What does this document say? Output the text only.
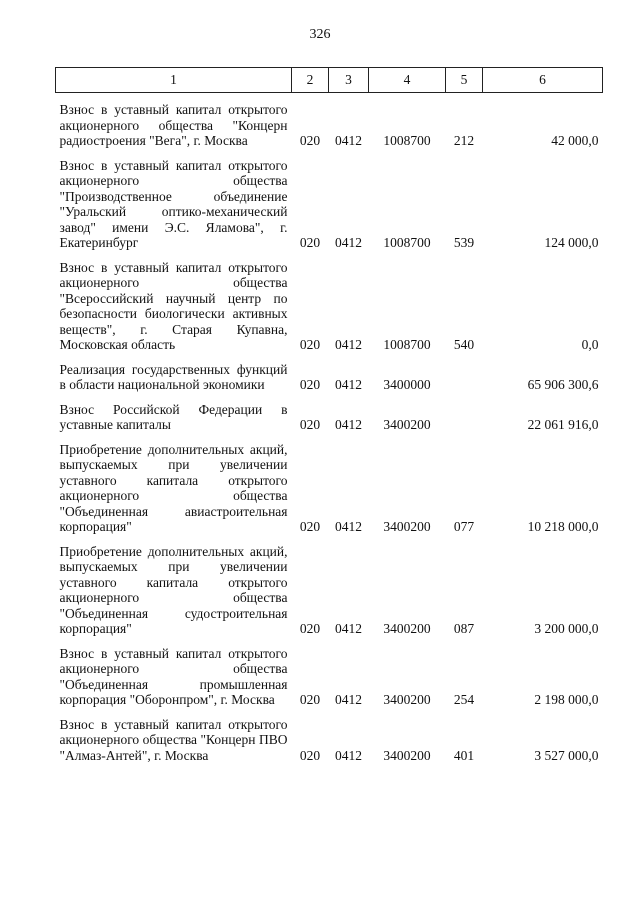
326
1	2	3	4	5	6
Взнос в уставный капитал открытого акционерного общества "Концерн радиостроения "Вега", г. Москва	020	0412	1008700	212	42 000,0
Взнос в уставный капитал открытого акционерного общества "Производственное объединение "Уральский оптико-механический завод" имени Э.С. Яламова", г. Екатеринбург	020	0412	1008700	539	124 000,0
Взнос в уставный капитал открытого акционерного общества "Всероссийский научный центр по безопасности биологически активных веществ", г. Старая Купавна, Московская область	020	0412	1008700	540	0,0
Реализация государственных функций в области национальной экономики	020	0412	3400000		65 906 300,6
Взнос Российской Федерации в уставные капиталы	020	0412	3400200		22 061 916,0
Приобретение дополнительных акций, выпускаемых при увеличении уставного капитала открытого акционерного общества "Объединенная авиастроительная корпорация"	020	0412	3400200	077	10 218 000,0
Приобретение дополнительных акций, выпускаемых при увеличении уставного капитала открытого акционерного общества "Объединенная судостроительная корпорация"	020	0412	3400200	087	3 200 000,0
Взнос в уставный капитал открытого акционерного общества "Объединенная промышленная корпорация "Оборонпром", г. Москва	020	0412	3400200	254	2 198 000,0
Взнос в уставный капитал открытого акционерного общества "Концерн ПВО "Алмаз-Антей", г. Москва	020	0412	3400200	401	3 527 000,0
